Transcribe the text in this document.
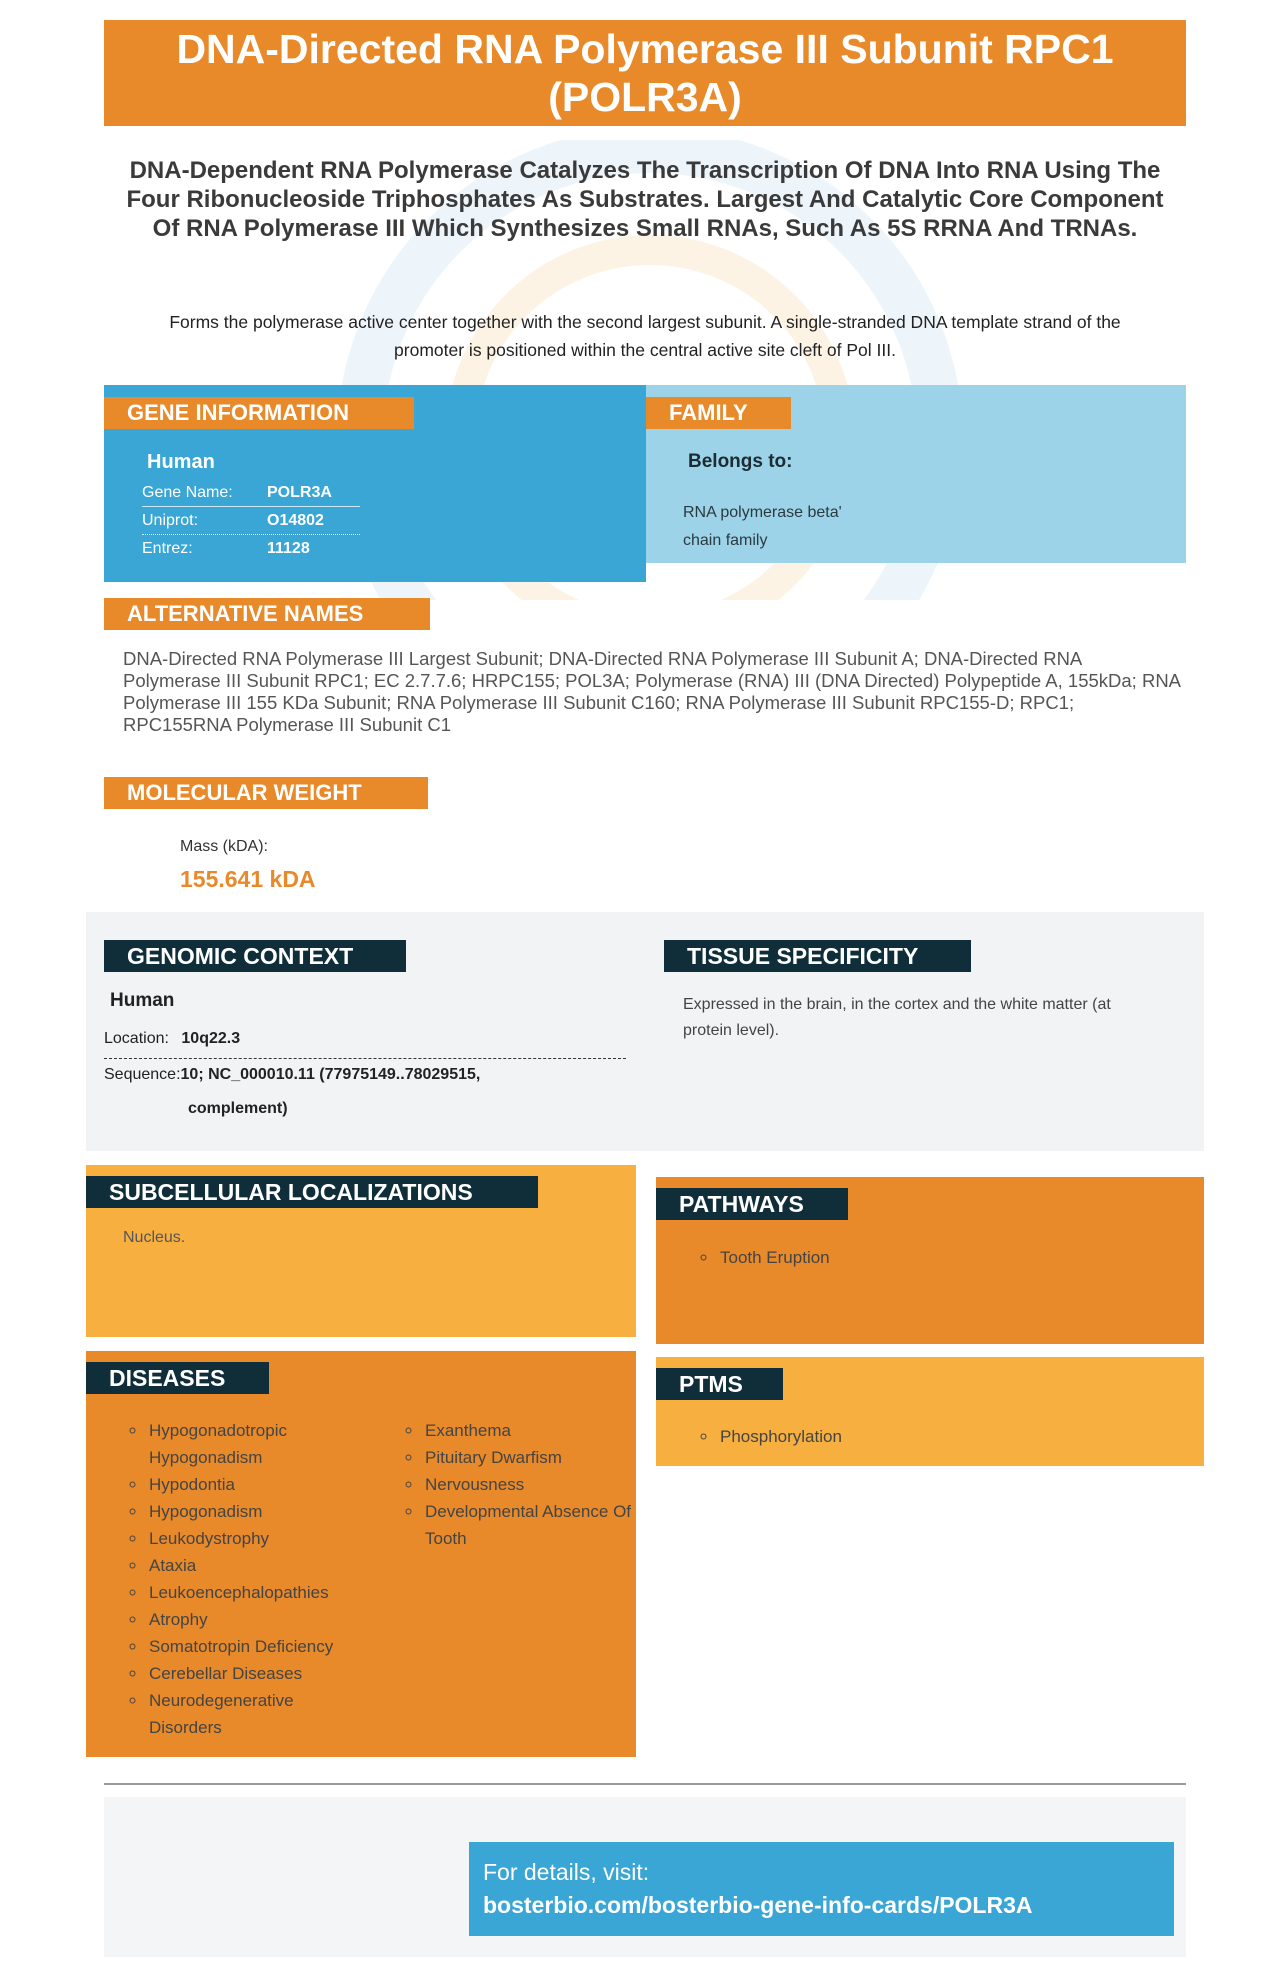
DNA-Directed RNA Polymerase III Subunit RPC1 (POLR3A)
DNA-Dependent RNA Polymerase Catalyzes The Transcription Of DNA Into RNA Using The Four Ribonucleoside Triphosphates As Substrates. Largest And Catalytic Core Component Of RNA Polymerase III Which Synthesizes Small RNAs, Such As 5S RRNA And TRNAs.
Forms the polymerase active center together with the second largest subunit. A single-stranded DNA template strand of the promoter is positioned within the central active site cleft of Pol III.
GENE INFORMATION
Human
Gene Name:	POLR3A
Uniprot:	O14802
Entrez:	11128
FAMILY
Belongs to:
RNA polymerase beta'
chain family
ALTERNATIVE NAMES
DNA-Directed RNA Polymerase III Largest Subunit; DNA-Directed RNA Polymerase III Subunit A; DNA-Directed RNA Polymerase III Subunit RPC1; EC 2.7.7.6; HRPC155; POL3A; Polymerase (RNA) III (DNA Directed) Polypeptide A, 155kDa; RNA Polymerase III 155 KDa Subunit; RNA Polymerase III Subunit C160; RNA Polymerase III Subunit RPC155-D; RPC1; RPC155RNA Polymerase III Subunit C1
MOLECULAR WEIGHT
Mass (kDA):
155.641 kDA
GENOMIC CONTEXT
Human
Location: 10q22.3
Sequence:10; NC_000010.11 (77975149..78029515,
complement)
TISSUE SPECIFICITY
Expressed in the brain, in the cortex and the white matter (at protein level).
SUBCELLULAR LOCALIZATIONS
Nucleus.
PATHWAYS
◦ Tooth Eruption
DISEASES
◦ Hypogonadotropic Hypogonadism
◦ Hypodontia
◦ Hypogonadism
◦ Leukodystrophy
◦ Ataxia
◦ Leukoencephalopathies
◦ Atrophy
◦ Somatotropin Deficiency
◦ Cerebellar Diseases
◦ Neurodegenerative Disorders
◦ Exanthema
◦ Pituitary Dwarfism
◦ Nervousness
◦ Developmental Absence Of Tooth
PTMS
◦ Phosphorylation
For details, visit:
bosterbio.com/bosterbio-gene-info-cards/POLR3A
